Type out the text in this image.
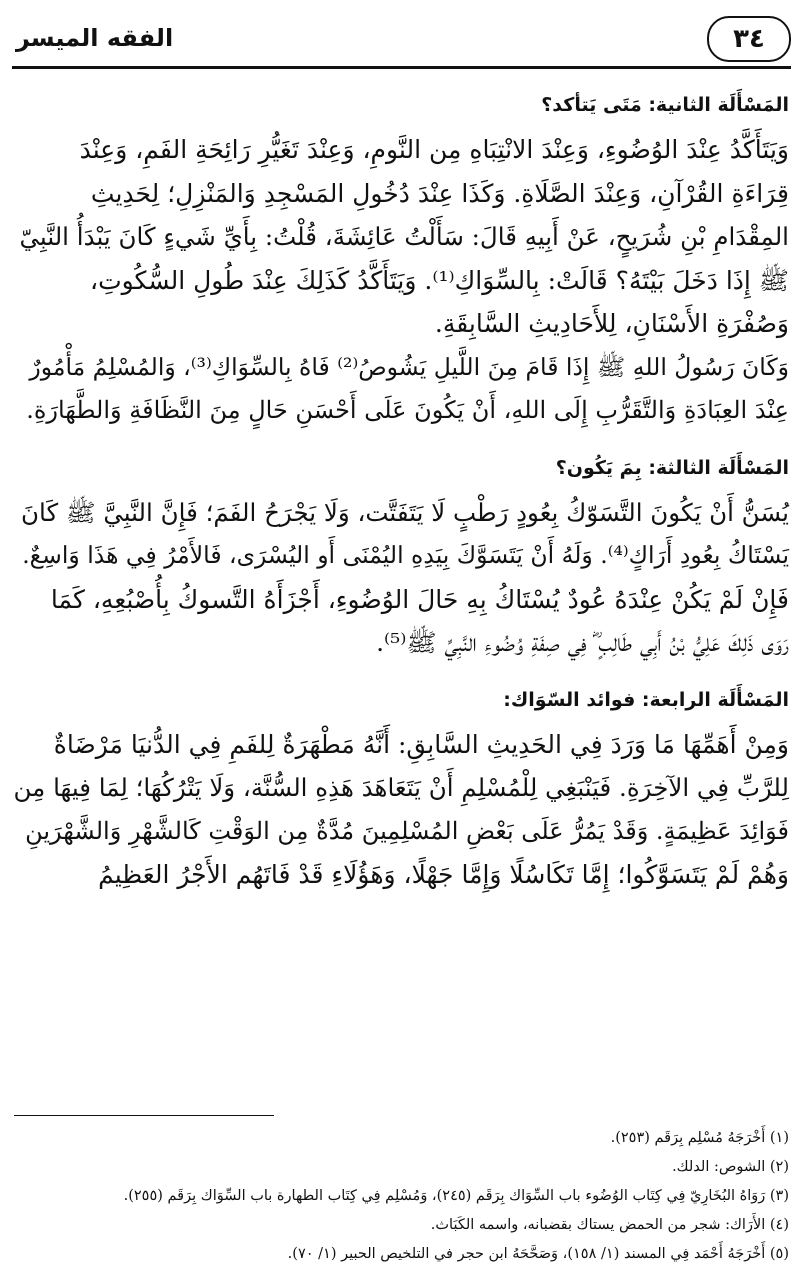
٣٤
الفقه الميسر
المَسْأَلَة الثانية: مَتَى يَتأكد؟
وَيَتَأَكَّدُ عِنْدَ الوُضُوءِ، وَعِنْدَ الانْتِبَاهِ مِن النَّومِ، وَعِنْدَ تَغَيُّرِ رَائِحَةِ الفَمِ، وَعِنْدَ
قِرَاءَةِ القُرْآنِ، وَعِنْدَ الصَّلَاةِ. وَكَذَا عِنْدَ دُخُولِ المَسْجِدِ وَالمَنْزِلِ؛ لِحَدِيثِ
المِقْدَامِ بْنِ شُرَيحٍ، عَنْ أَبِيهِ قَالَ: سَأَلْتُ عَائِشَةَ، قُلْتُ: بِأَيِّ شَيءٍ كَانَ يَبْدَأُ النَّبِيّ
ﷺ إِذَا دَخَلَ بَيْتَهُ؟ قَالَتْ: بِالسِّوَاكِ⁽¹⁾. وَيَتَأَكَّدُ كَذَلِكَ عِنْدَ طُولِ السُّكُوتِ،
وَصُفْرَةِ الأَسْنَانِ، لِلأَحَادِيثِ السَّابِقَةِ.
وَكَانَ رَسُولُ اللهِ ﷺ إِذَا قَامَ مِنَ اللَّيلِ يَشُوصُ⁽²⁾ فَاهُ بِالسِّوَاكِ⁽³⁾، وَالمُسْلِمُ مَأْمُورٌ
عِنْدَ العِبَادَةِ وَالتَّقَرُّبِ إِلَى اللهِ، أَنْ يَكُونَ عَلَى أَحْسَنِ حَالٍ مِنَ النَّظَافَةِ وَالطَّهَارَةِ.
المَسْأَلَة الثالثة: بِمَ يَكُون؟
يُسَنُّ أَنْ يَكُونَ التَّسَوّكُ بِعُودٍ رَطْبٍ لَا يَتَفَتَّت، وَلَا يَجْرَحُ الفَمَ؛ فَإِنَّ النَّبِيَّ ﷺ كَانَ
يَسْتَاكُ بِعُودِ أَرَاكٍ⁽⁴⁾. وَلَهُ أَنْ يَتَسَوَّكَ بِيَدِهِ اليُمْنَى أَو اليُسْرَى، فَالأَمْرُ فِي هَذَا وَاسِعٌ.
فَإِنْ لَمْ يَكُنْ عِنْدَهُ عُودٌ يُسْتَاكُ بِهِ حَالَ الوُضُوءِ، أَجْزَأَهُ التَّسوكُ بِأُصْبُعِهِ، كَمَا
رَوَى ذَلِكَ عَلِيُّ بْنُ أَبِي طَالِبٍ ؓ فِي صِفَةِ وُضُوءِ النَّبِيِّ ﷺ⁽⁵⁾.
المَسْأَلَة الرابعة: فوائد السّوَاك:
وَمِنْ أَهَمِّهَا مَا وَرَدَ فِي الحَدِيثِ السَّابِقِ: أَنَّهُ مَطْهَرَةٌ لِلفَمِ فِي الدُّنيَا مَرْضَاةٌ
لِلرَّبِّ فِي الآخِرَةِ. فَيَنْبَغِي لِلْمُسْلِمِ أَنْ يَتَعَاهَدَ هَذِهِ السُّنَّة، وَلَا يَتْرُكُهَا؛ لِمَا فِيهَا مِن
فَوَائِدَ عَظِيمَةٍ. وَقَدْ يَمُرُّ عَلَى بَعْضِ المُسْلِمِينَ مُدَّةٌ مِن الوَقْتِ كَالشَّهْرِ وَالشَّهْرَينِ
وَهُمْ لَمْ يَتَسَوَّكُوا؛ إِمَّا تَكَاسُلًا وَإِمَّا جَهْلًا، وَهَؤُلَاءِ قَدْ فَاتَهُم الأَجْرُ العَظِيمُ
(١) أَخْرَجَهُ مُسْلِم بِرَقَم (٢٥٣).
(٢) الشوص: الدلك.
(٣) رَوَاهُ البُخَارِيّ فِي كِتَاب الوُضُوء باب السِّوَاك بِرَقَم (٢٤٥)، وَمُسْلِم فِي كِتَاب الطهارة باب السِّوَاك بِرَقَم (٢٥٥).
(٤) الأَرَاك: شجر من الحمض يستاك بقضبانه، واسمه الكَبَاث.
(٥) أَخْرَجَهُ أَحْمَد فِي المسند (١/ ١٥٨)، وَصَحَّحَهُ ابن حجر في التلخيص الحبير (١/ ٧٠).
